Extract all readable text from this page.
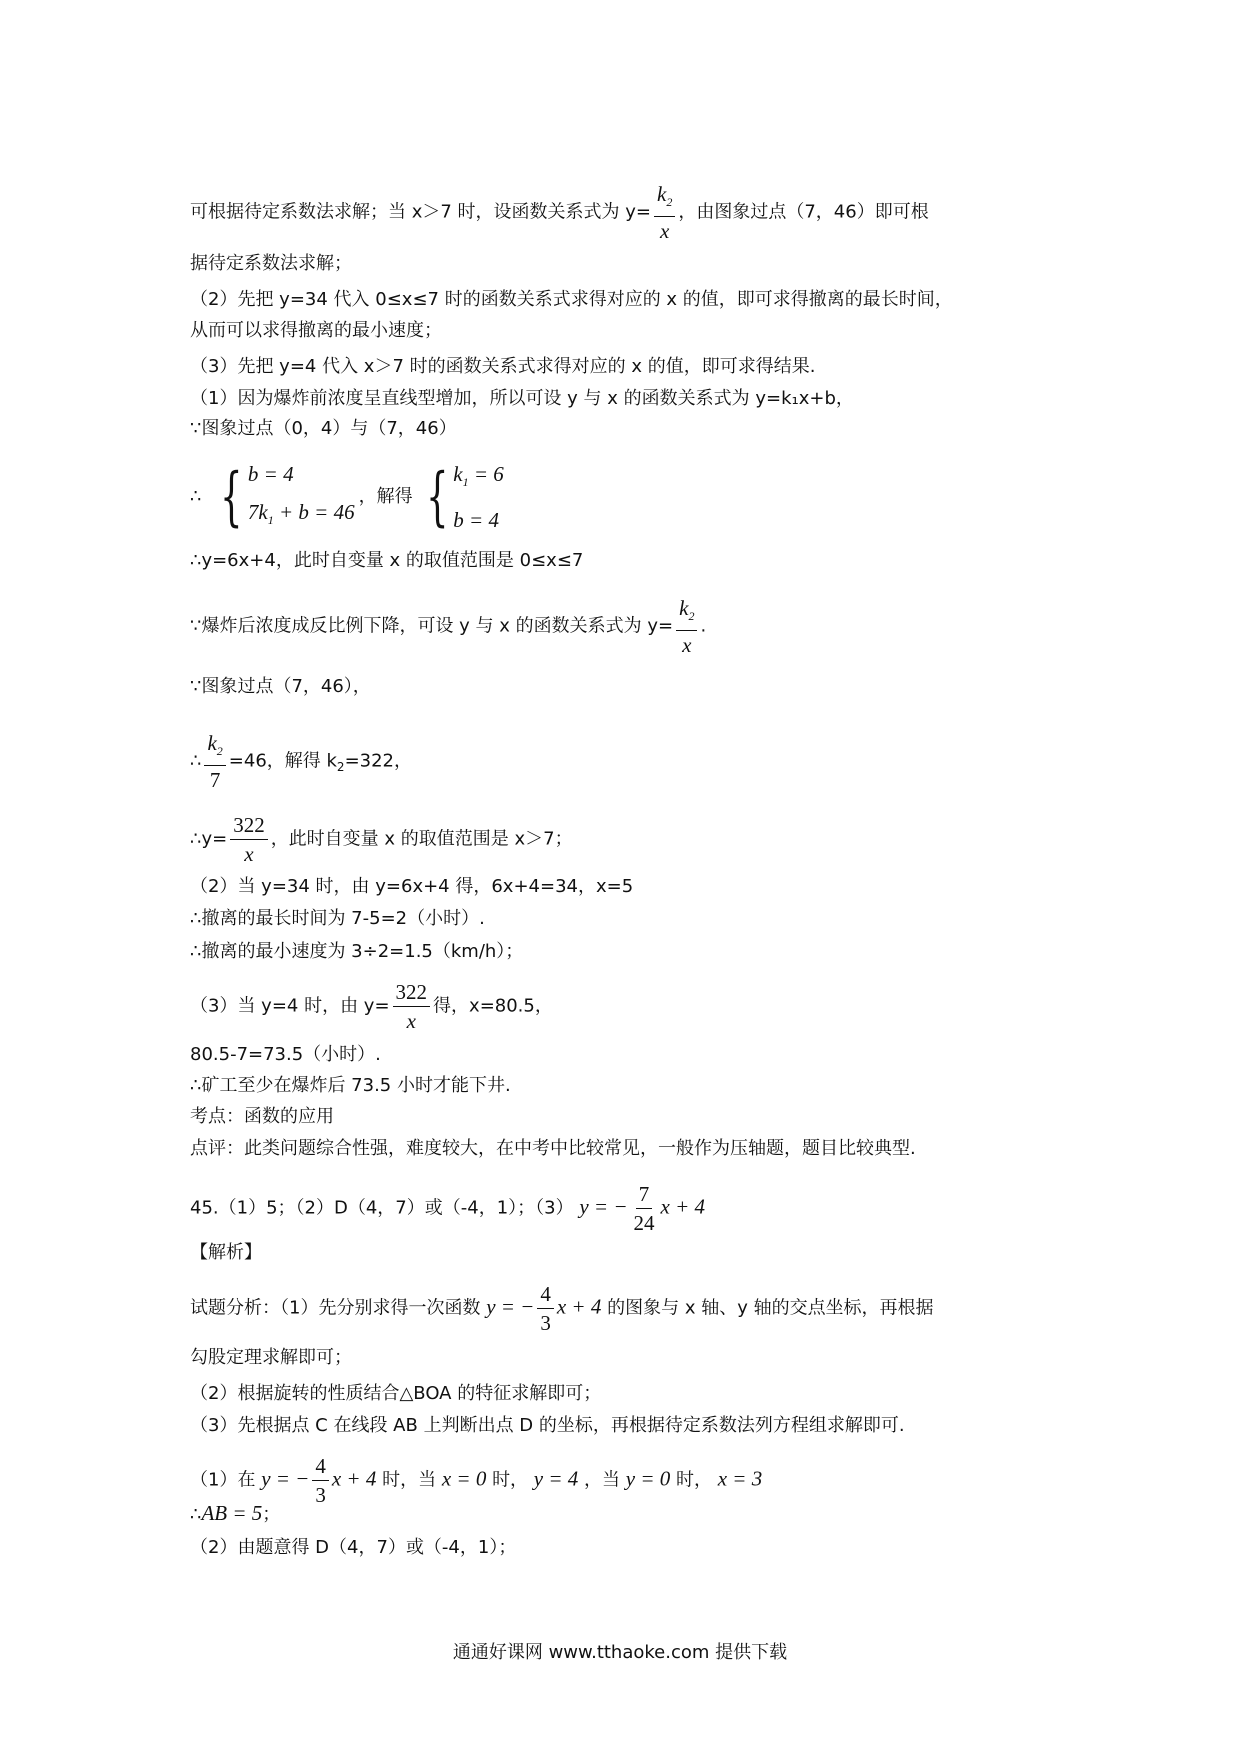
可根据待定系数法求解；当 x＞7 时，设函数关系式为 $y= \frac{k_2}{x}$ ，由图象过点（7，46）即可根
据待定系数法求解；
（2）先把 y=34 代入 0≤x≤7 时的函数关系式求得对应的 x 的值，即可求得撤离的最长时间，
从而可以求得撤离的最小速度；
（3）先把 y=4 代入 x＞7 时的函数关系式求得对应的 x 的值，即可求得结果.
（1）因为爆炸前浓度呈直线型增加，所以可设 y 与 x 的函数关系式为 y=k₁x+b，
∵图象过点（0，4）与（7，46）
∴ { b = 4
$7k_1 + b = 46$
，解得 { $k_1 = 6$
b = 4
∴y=6x+4，此时自变量 x 的取值范围是 0≤x≤7
∵爆炸后浓度成反比例下降，可设 y 与 x 的函数关系式为 $y= \frac{k_2}{x}$ .
∵图象过点（7，46），
∴ $\frac{k_2}{7} =46$，解得 $k_2=322$，
∴y= $\frac{322}{x}$ ，此时自变量 x 的取值范围是 x＞7；
（2）当 y=34 时，由 y=6x+4 得，6x+4=34，x=5
∴撤离的最长时间为 7-5=2（小时）.
∴撤离的最小速度为 3÷2=1.5（km/h）；
（3）当 y=4 时，由 $y= \frac{322}{x}$ 得，x=80.5，
80.5-7=73.5（小时）.
∴矿工至少在爆炸后 73.5 小时才能下井.
考点：函数的应用
点评：此类问题综合性强，难度较大，在中考中比较常见，一般作为压轴题，题目比较典型.
45.（1）5；（2）D（4，7）或（-4，1）；（3） y = − $\frac{7}{24}$ x + 4
【解析】
试题分析：（1）先分别求得一次函数 y = − $\frac{4}{3}$ x + 4 的图象与 x 轴、y 轴的交点坐标，再根据
勾股定理求解即可；
（2）根据旋转的性质结合△BOA 的特征求解即可；
（3）先根据点 C 在线段 AB 上判断出点 D 的坐标，再根据待定系数法列方程组求解即可.
（1）在 y = − $\frac{4}{3}$ x + 4 时，当 x = 0 时， y = 4 ，当 y = 0 时， x = 3
∴AB = 5；
（2）由题意得 D（4，7）或（-4，1）；
通通好课网 www.tthaoke.com 提供下载
